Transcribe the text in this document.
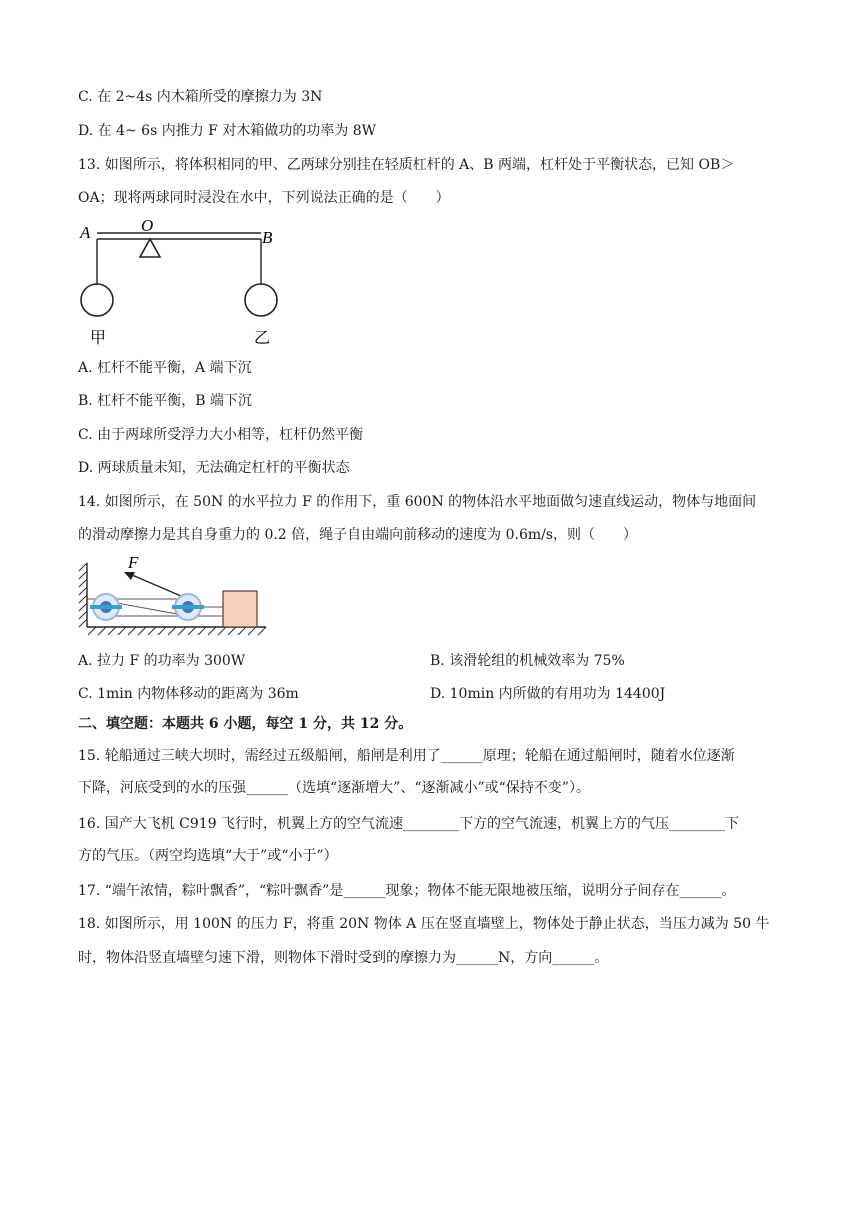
C. 在 2~4s 内木箱所受的摩擦力为 3N
D. 在 4~ 6s 内推力 F 对木箱做功的功率为 8W
13. 如图所示，将体积相同的甲、乙两球分别挂在轻质杠杆的 A、B 两端，杠杆处于平衡状态，已知 OB＞
OA；现将两球同时浸没在水中，下列说法正确的是（　　）
A	O
B
甲	乙
A. 杠杆不能平衡，A 端下沉
B. 杠杆不能平衡，B 端下沉
C. 由于两球所受浮力大小相等，杠杆仍然平衡
D. 两球质量未知，无法确定杠杆的平衡状态
14. 如图所示，在 50N 的水平拉力 F 的作用下，重 600N 的物体沿水平地面做匀速直线运动，物体与地面间
的滑动摩擦力是其自身重力的 0.2 倍，绳子自由端向前移动的速度为 0.6m/s，则（　　）
F
A. 拉力 F 的功率为 300W	B. 该滑轮组的机械效率为 75%
C. 1min 内物体移动的距离为 36m	D. 10min 内所做的有用功为 14400J
二、填空题：本题共 6 小题，每空 1 分，共 12 分。
15. 轮船通过三峡大坝时，需经过五级船闸，船闸是利用了______原理；轮船在通过船闸时，随着水位逐渐
下降，河底受到的水的压强______（选填“逐渐增大”、“逐渐减小”或“保持不变”）。
16. 国产大飞机 C919 飞行时，机翼上方的空气流速________下方的空气流速，机翼上方的气压________下
方的气压。（两空均选填“大于”或“小于”）
17. “端午浓情，粽叶飘香”，“粽叶飘香”是______现象；物体不能无限地被压缩，说明分子间存在______。
18. 如图所示，用 100N 的压力 F，将重 20N 物体 A 压在竖直墙壁上，物体处于静止状态，当压力减为 50 牛
时，物体沿竖直墙壁匀速下滑，则物体下滑时受到的摩擦力为______N，方向______。
